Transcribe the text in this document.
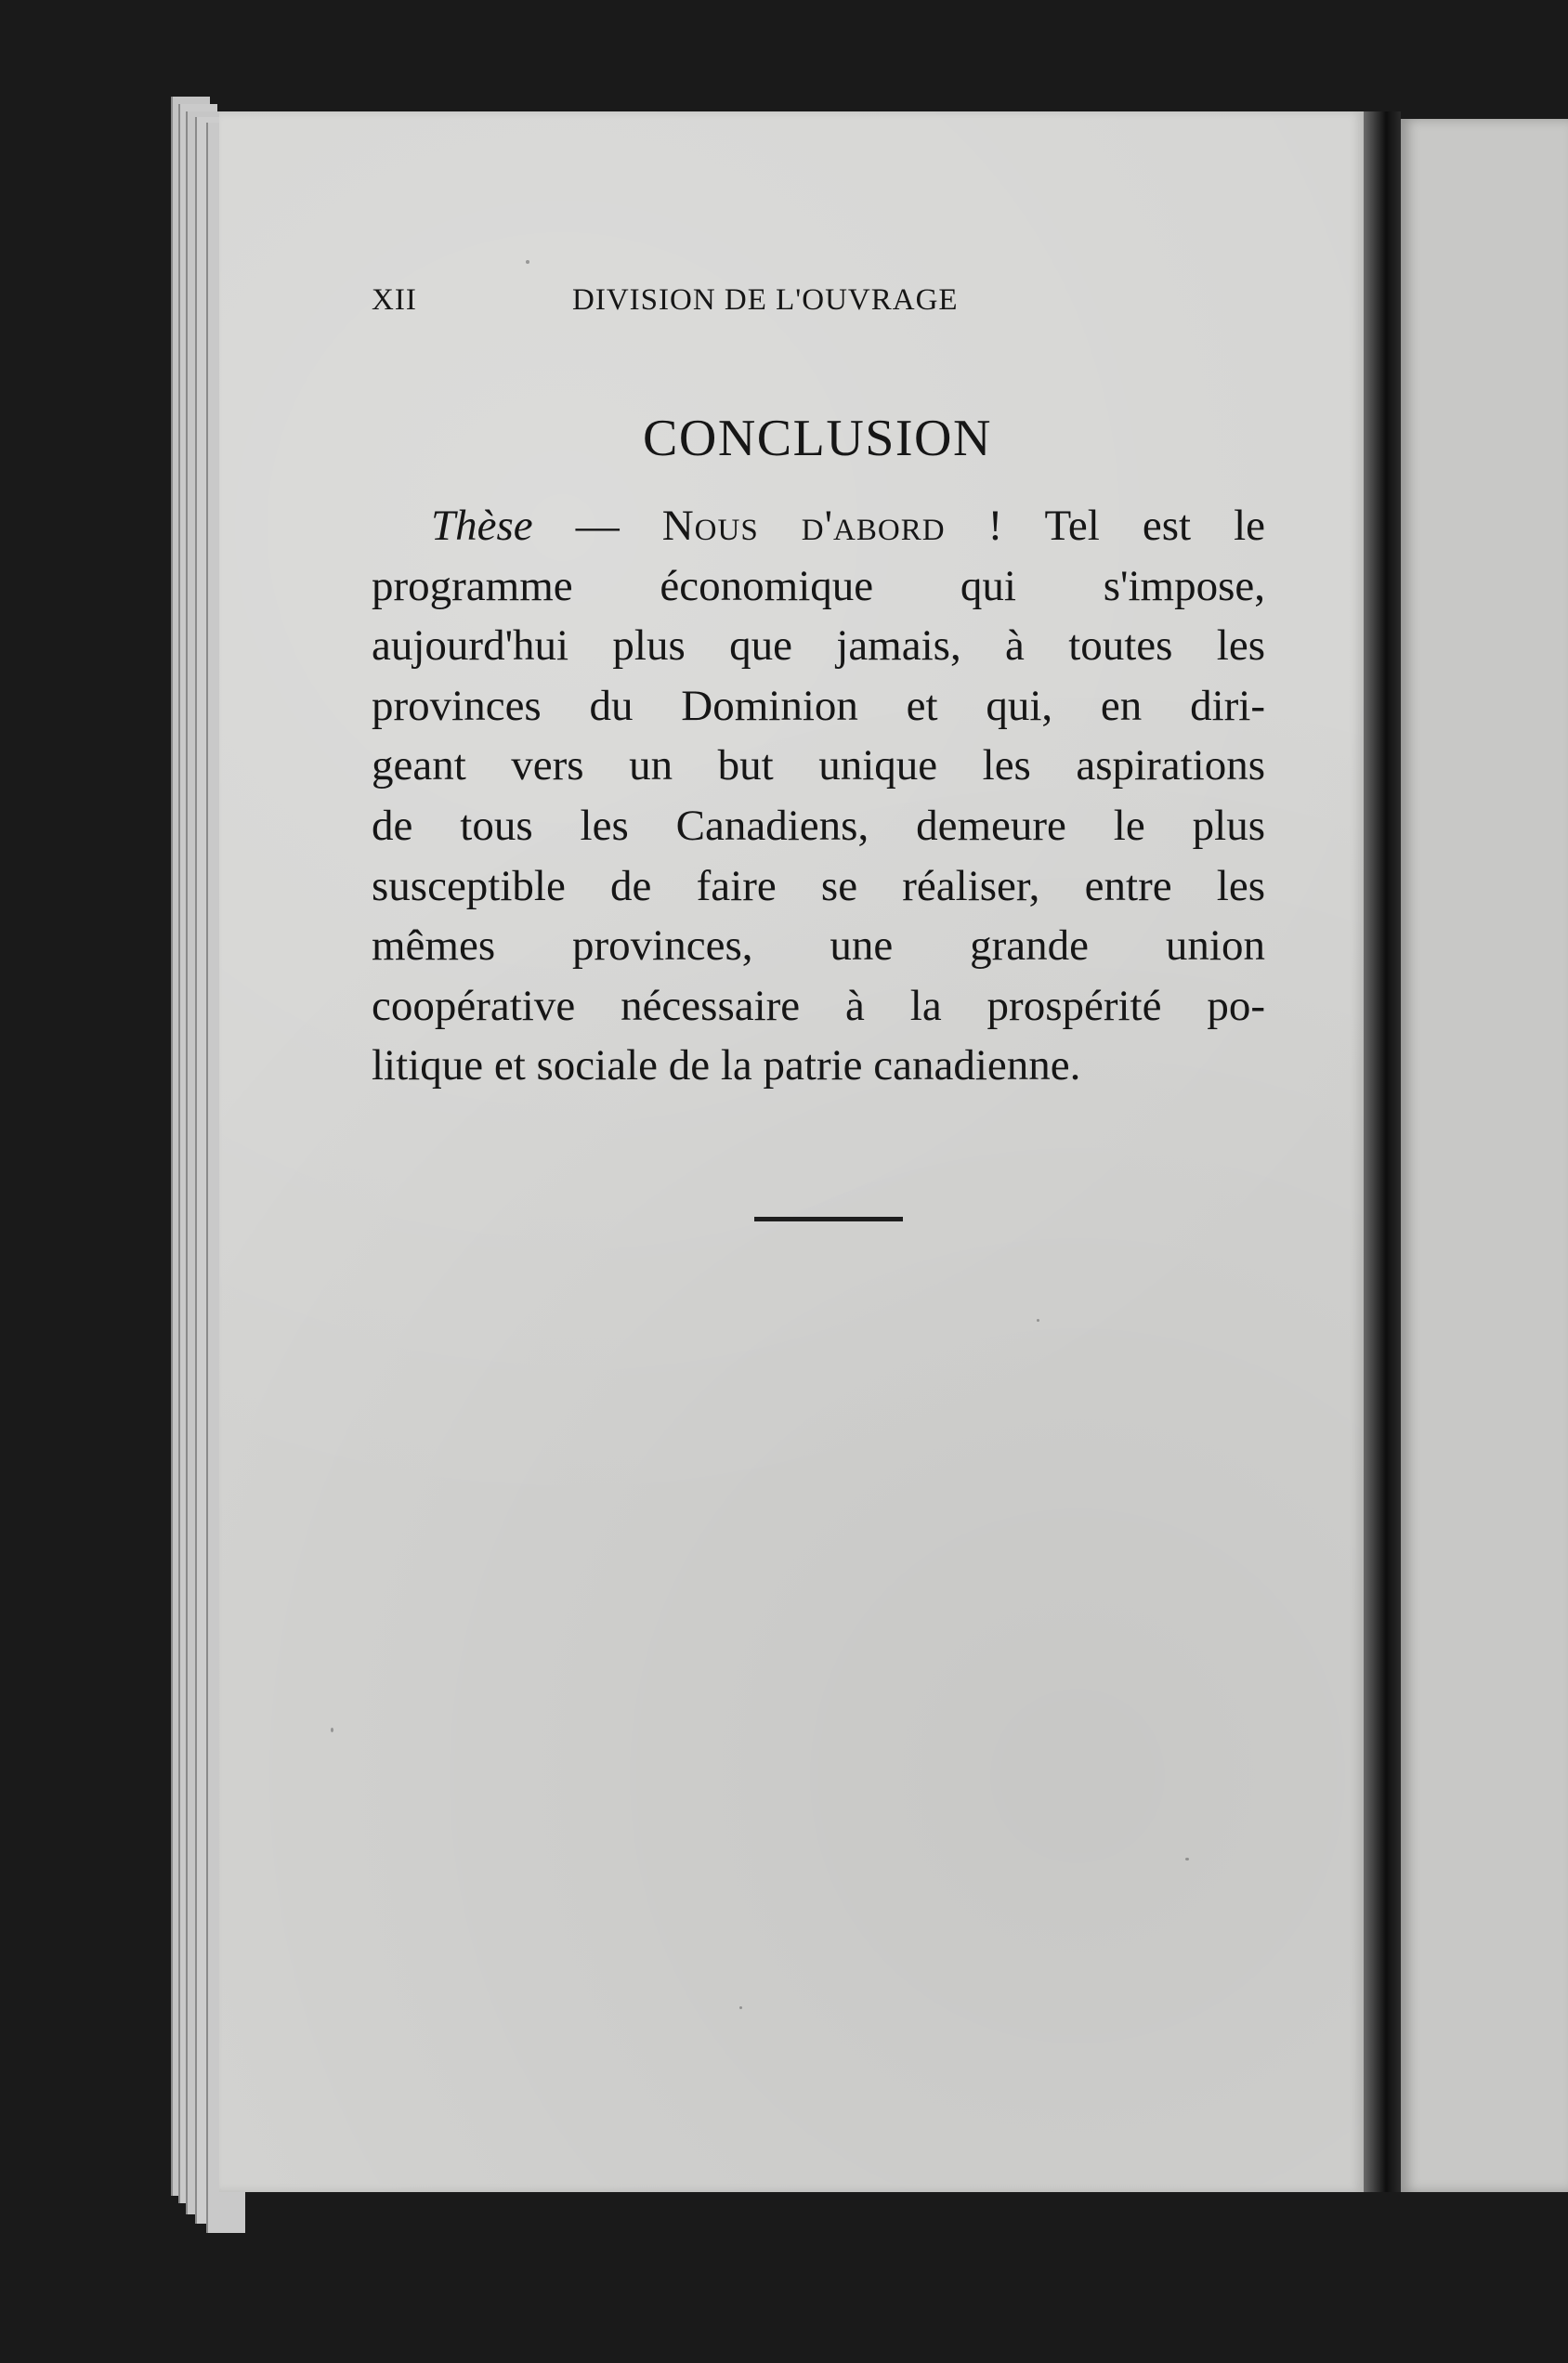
XII	DIVISION DE L'OUVRAGE
CONCLUSION
Thèse — Nous d'abord ! Tel est le
programme économique qui s'impose,
aujourd'hui plus que jamais, à toutes les
provinces du Dominion et qui, en diri-
geant vers un but unique les aspirations
de tous les Canadiens, demeure le plus
susceptible de faire se réaliser, entre les
mêmes provinces, une grande union
coopérative nécessaire à la prospérité po-
litique et sociale de la patrie canadienne.
